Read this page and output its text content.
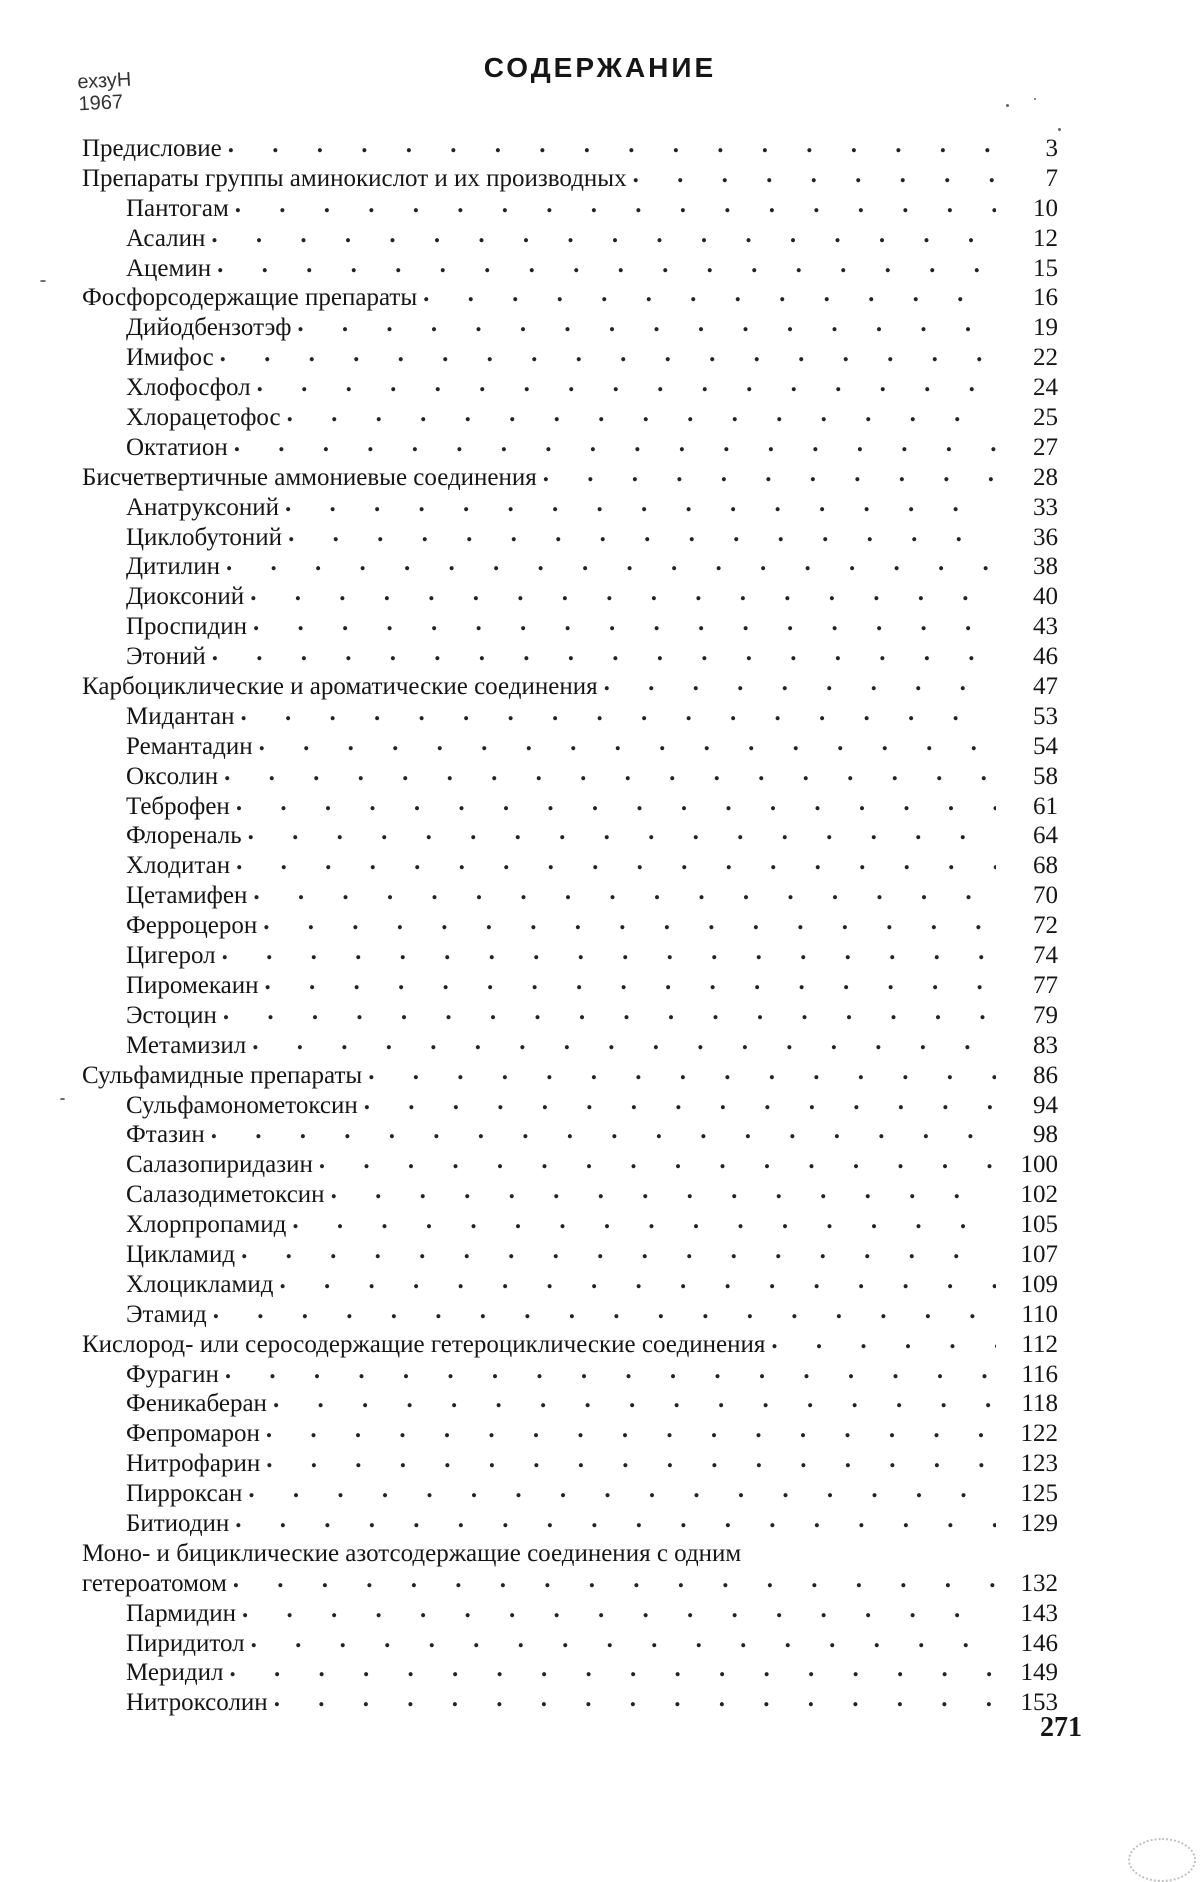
ехзуН
1967
СОДЕРЖАНИЕ
Предисловие . . .	3
Препараты группы аминокислот и их производных . . .	7
Пантогам . . .	10
Асалин . . .	12
Ацемин . . .	15
Фосфорсодержащие препараты . . .	16
Дийодбензотэф . . .	19
Имифос . . .	22
Хлофосфол . . .	24
Хлорацетофос . . .	25
Октатион . . .	27
Бисчетвертичные аммониевые соединения . . .	28
Анатруксоний . . .	33
Циклобутоний . . .	36
Дитилин . . .	38
Диоксоний . . .	40
Проспидин . . .	43
Этоний . . .	46
Карбоциклические и ароматические соединения . . .	47
Мидантан . . .	53
Ремантадин . . .	54
Оксолин . . .	58
Теброфен . . .	61
Флореналь . . .	64
Хлодитан . . .	68
Цетамифен . . .	70
Ферроцерон . . .	72
Цигерол . . .	74
Пиромекаин . . .	77
Эстоцин . . .	79
Метамизил . . .	83
Сульфамидные препараты . . .	86
Сульфамонометоксин . . .	94
Фтазин . . .	98
Салазопиридазин . . .	100
Салазодиметоксин . . .	102
Хлорпропамид . . .	105
Цикламид . . .	107
Хлоцикламид . . .	109
Этамид . . .	110
Кислород- или серосодержащие гетероциклические соединения . . .	112
Фурагин . . .	116
Феникаберан . . .	118
Фепромарон . . .	122
Нитрофарин . . .	123
Пирроксан . . .	125
Битиодин . . .	129
Моно- и бициклические азотсодержащие соединения с одним
гетероатомом . . .	132
Пармидин . . .	143
Пиридитол . . .	146
Меридил . . .	149
Нитроксолин . . .	153
271
